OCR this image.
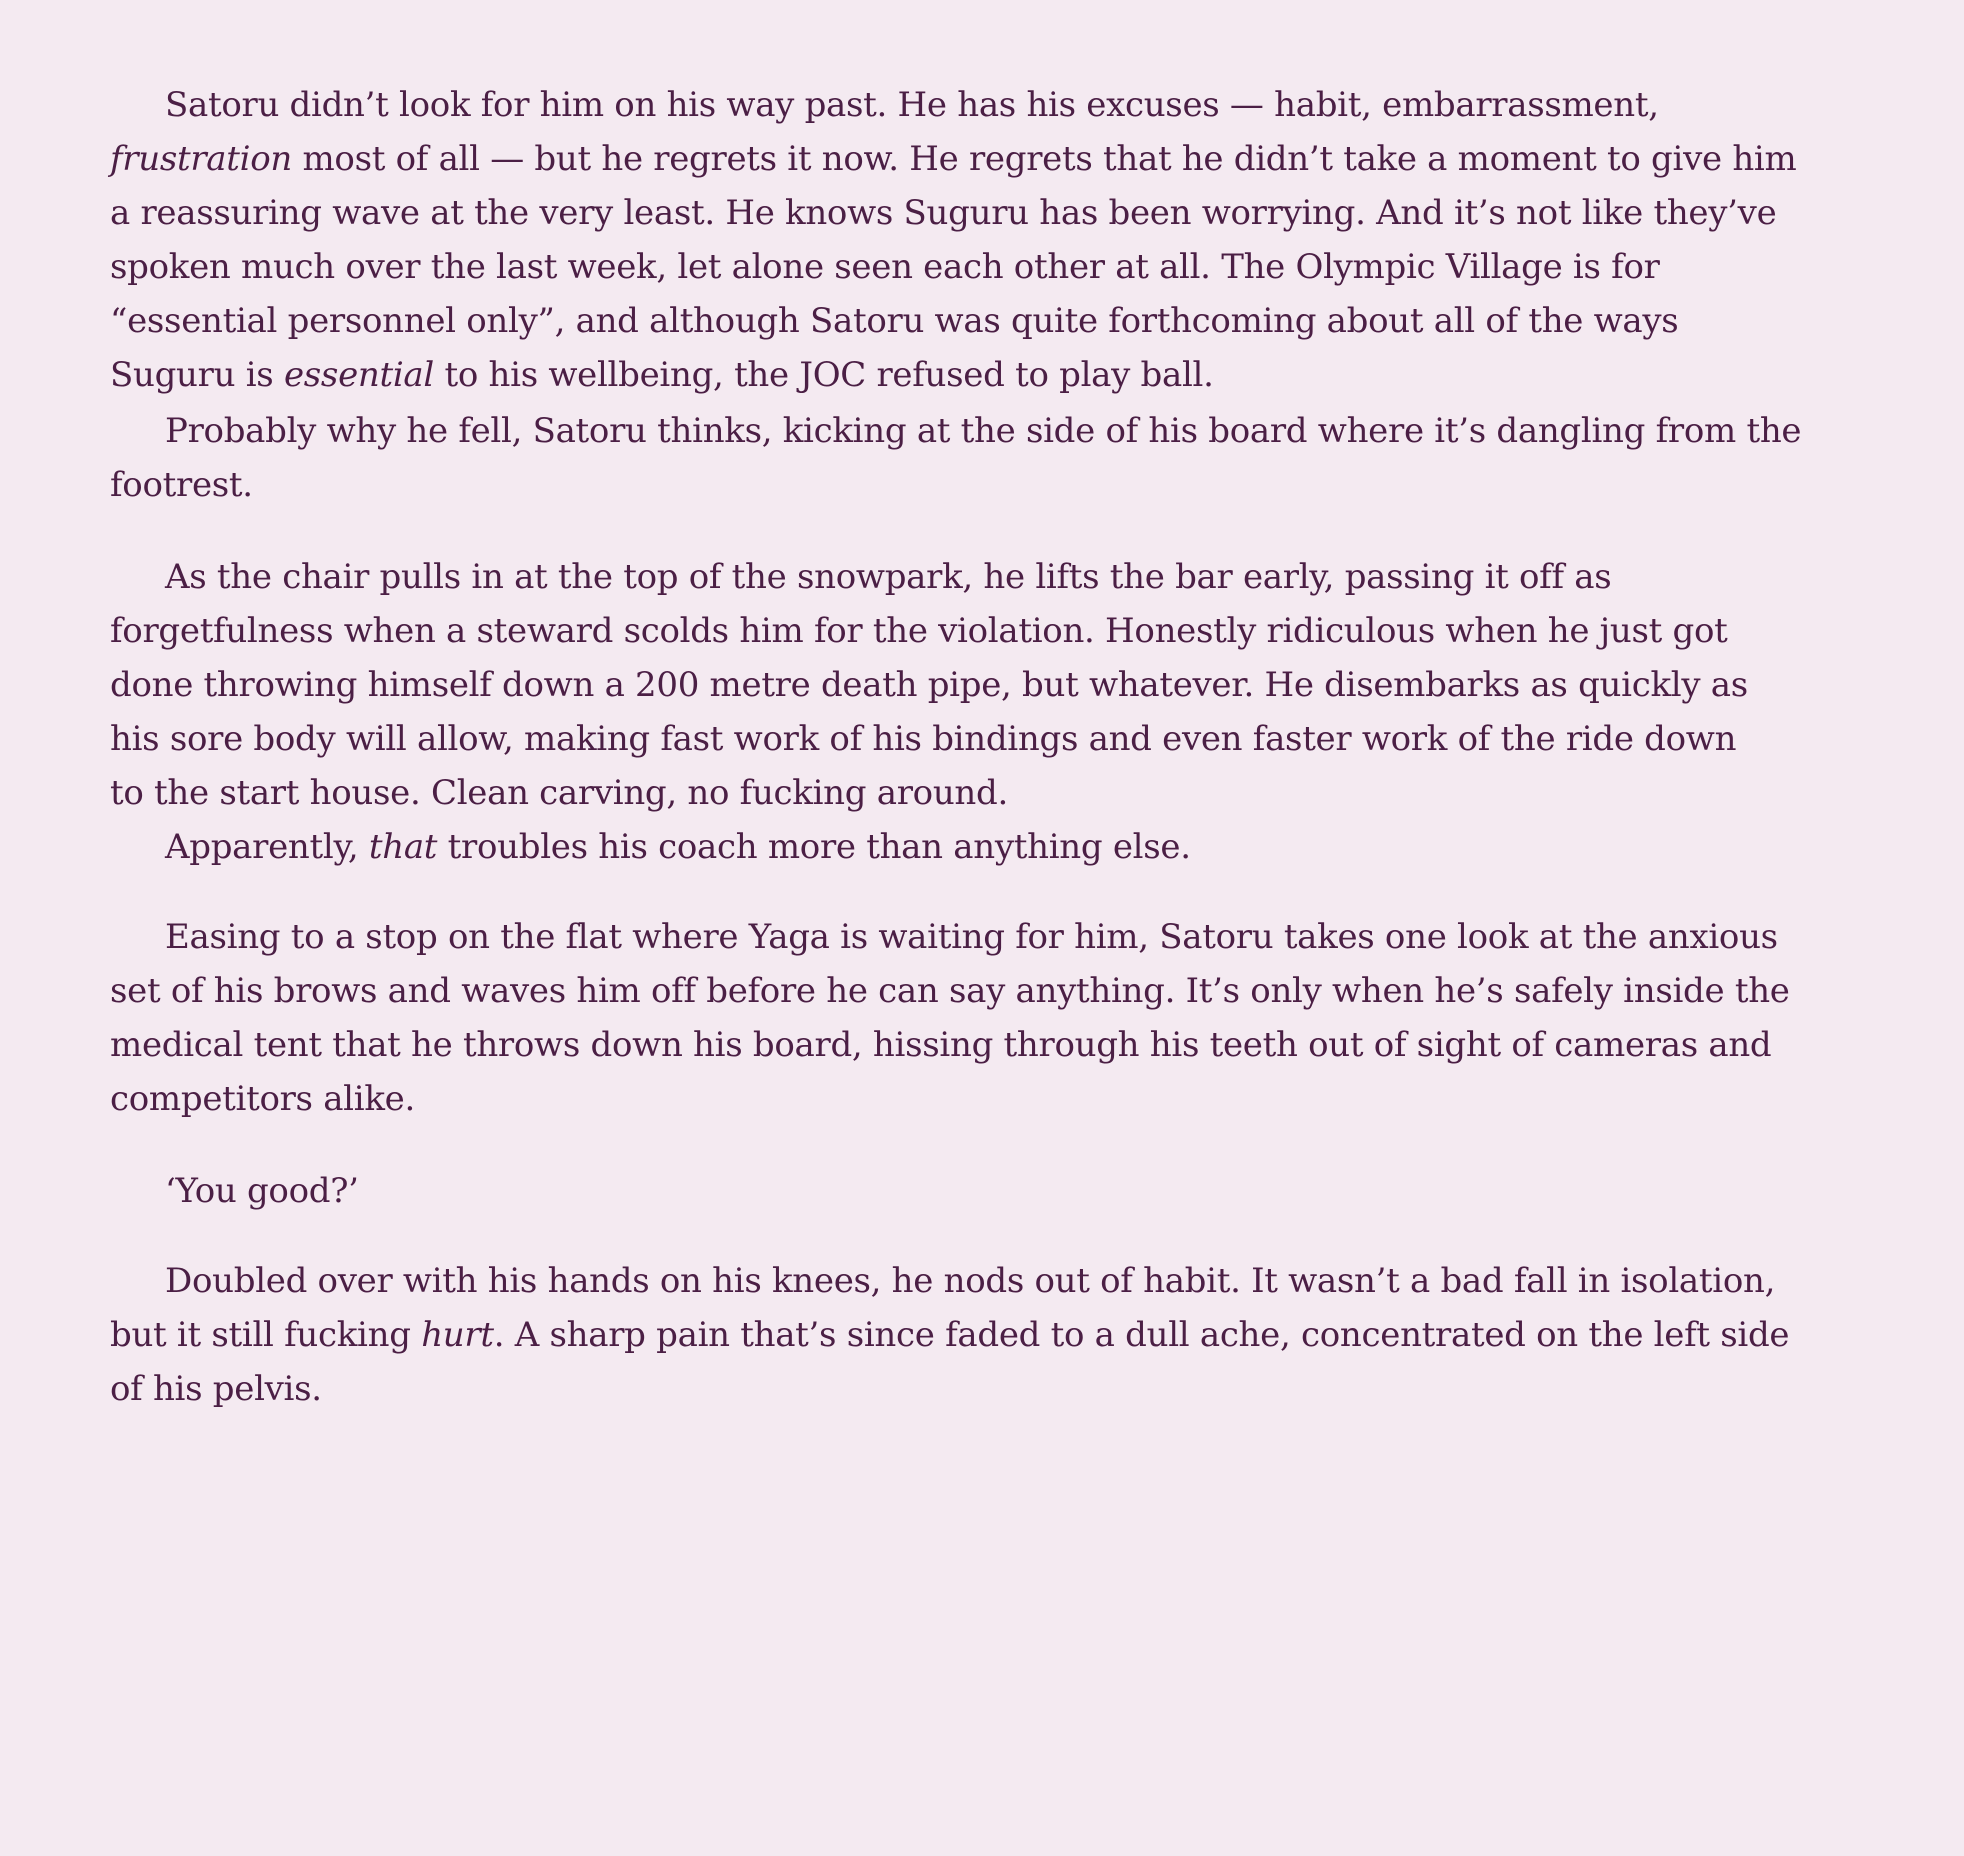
Satoru didn’t look for him on his way past. He has his excuses — habit, embarrassment,
frustration most of all — but he regrets it now. He regrets that he didn’t take a moment to give him
a reassuring wave at the very least. He knows Suguru has been worrying. And it’s not like they’ve
spoken much over the last week, let alone seen each other at all. The Olympic Village is for
“essential personnel only”, and although Satoru was quite forthcoming about all of the ways
Suguru is essential to his wellbeing, the JOC refused to play ball.
Probably why he fell, Satoru thinks, kicking at the side of his board where it’s dangling from the
footrest.
As the chair pulls in at the top of the snowpark, he lifts the bar early, passing it off as
forgetfulness when a steward scolds him for the violation. Honestly ridiculous when he just got
done throwing himself down a 200 metre death pipe, but whatever. He disembarks as quickly as
his sore body will allow, making fast work of his bindings and even faster work of the ride down
to the start house. Clean carving, no fucking around.
Apparently, that troubles his coach more than anything else.
Easing to a stop on the flat where Yaga is waiting for him, Satoru takes one look at the anxious
set of his brows and waves him off before he can say anything. It’s only when he’s safely inside the
medical tent that he throws down his board, hissing through his teeth out of sight of cameras and
competitors alike.
‘You good?’
Doubled over with his hands on his knees, he nods out of habit. It wasn’t a bad fall in isolation,
but it still fucking hurt. A sharp pain that’s since faded to a dull ache, concentrated on the left side
of his pelvis.
